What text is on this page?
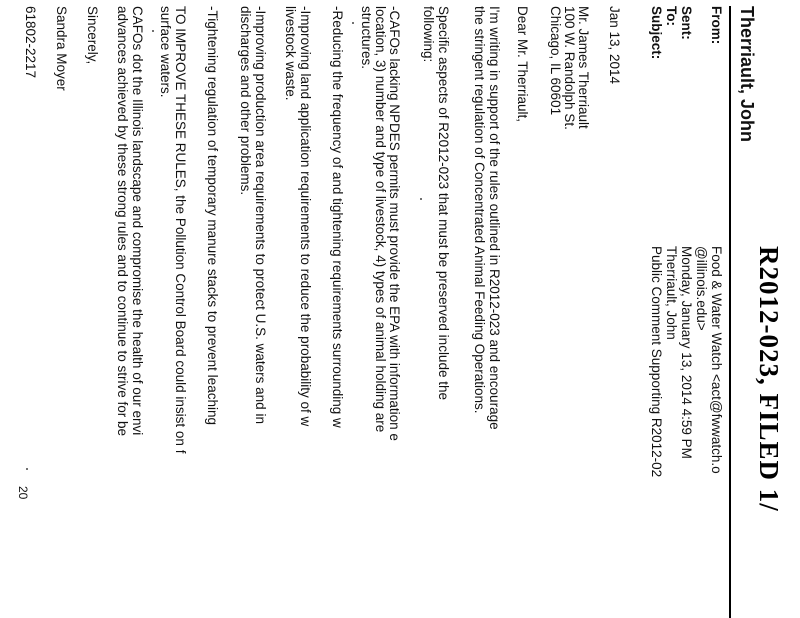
R2012-023, FILED 1/
Therriault, John
From:
Food & Water Watch <act@fwwatch.o
@illinois.edu>
Sent:
Monday, January 13, 2014 4:59 PM
To:
Therriault, John
Subject:
Public Comment Supporting R2012-02
Jan 13, 2014
Mr. James Therriault
100 W. Randolph St.
Chicago, IL 60601
Dear Mr. Therriault,
I'm writing in support of the rules outlined in R2012-023 and encourage
the stringent regulation of Concentrated Animal Feeding Operations.
Specific aspects of R2012-023 that must be preserved include the
following:
-CAFOs lacking NPDES permits must provide the EPA with information e
location, 3) number and type of livestock, 4) types of animal holding are
structures.
-Reducing the frequency of and tightening requirements surrounding w
-Improving land application requirements to reduce the probability of w
livestock waste.
-Improving production area requirements to protect U.S. waters and in
discharges and other problems.
-Tightening regulation of temporary manure stacks to prevent leaching
TO IMPROVE THESE RULES, the Pollution Control Board could insist on f
surface waters.
CAFOs dot the Illinois landscape and compromise the health of our envi
advances achieved by these strong rules and to continue to strive for be
Sincerely,
Sandra Moyer
61802-2217
20
